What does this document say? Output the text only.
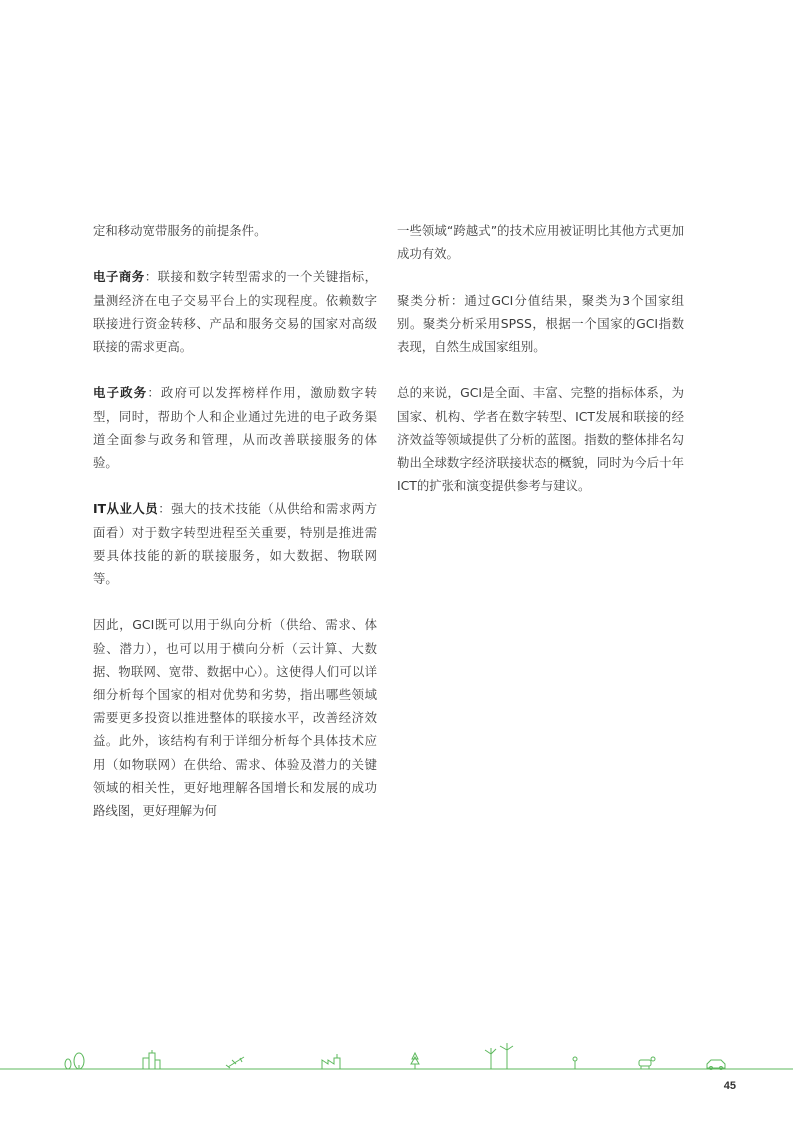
定和移动宽带服务的前提条件。

电子商务：联接和数字转型需求的一个关键指标，量测经济在电子交易平台上的实现程度。依赖数字联接进行资金转移、产品和服务交易的国家对高级联接的需求更高。

电子政务：政府可以发挥榜样作用，激励数字转型，同时，帮助个人和企业通过先进的电子政务渠道全面参与政务和管理，从而改善联接服务的体验。

IT从业人员：强大的技术技能（从供给和需求两方面看）对于数字转型进程至关重要，特别是推进需要具体技能的新的联接服务，如大数据、物联网等。

因此，GCI既可以用于纵向分析（供给、需求、体验、潜力），也可以用于横向分析（云计算、大数据、物联网、宽带、数据中心）。这使得人们可以详细分析每个国家的相对优势和劣势，指出哪些领域需要更多投资以推进整体的联接水平，改善经济效益。此外，该结构有利于详细分析每个具体技术应用（如物联网）在供给、需求、体验及潜力的关键领域的相关性，更好地理解各国增长和发展的成功路线图，更好理解为何

一些领域“跨越式”的技术应用被证明比其他方式更加成功有效。

聚类分析：通过GCI分值结果，聚类为3个国家组别。聚类分析采用SPSS，根据一个国家的GCI指数表现，自然生成国家组别。

总的来说，GCI是全面、丰富、完整的指标体系，为国家、机构、学者在数字转型、ICT发展和联接的经济效益等领域提供了分析的蓝图。指数的整体排名勾勒出全球数字经济联接状态的概貌，同时为今后十年ICT的扩张和演变提供参考与建议。

45
